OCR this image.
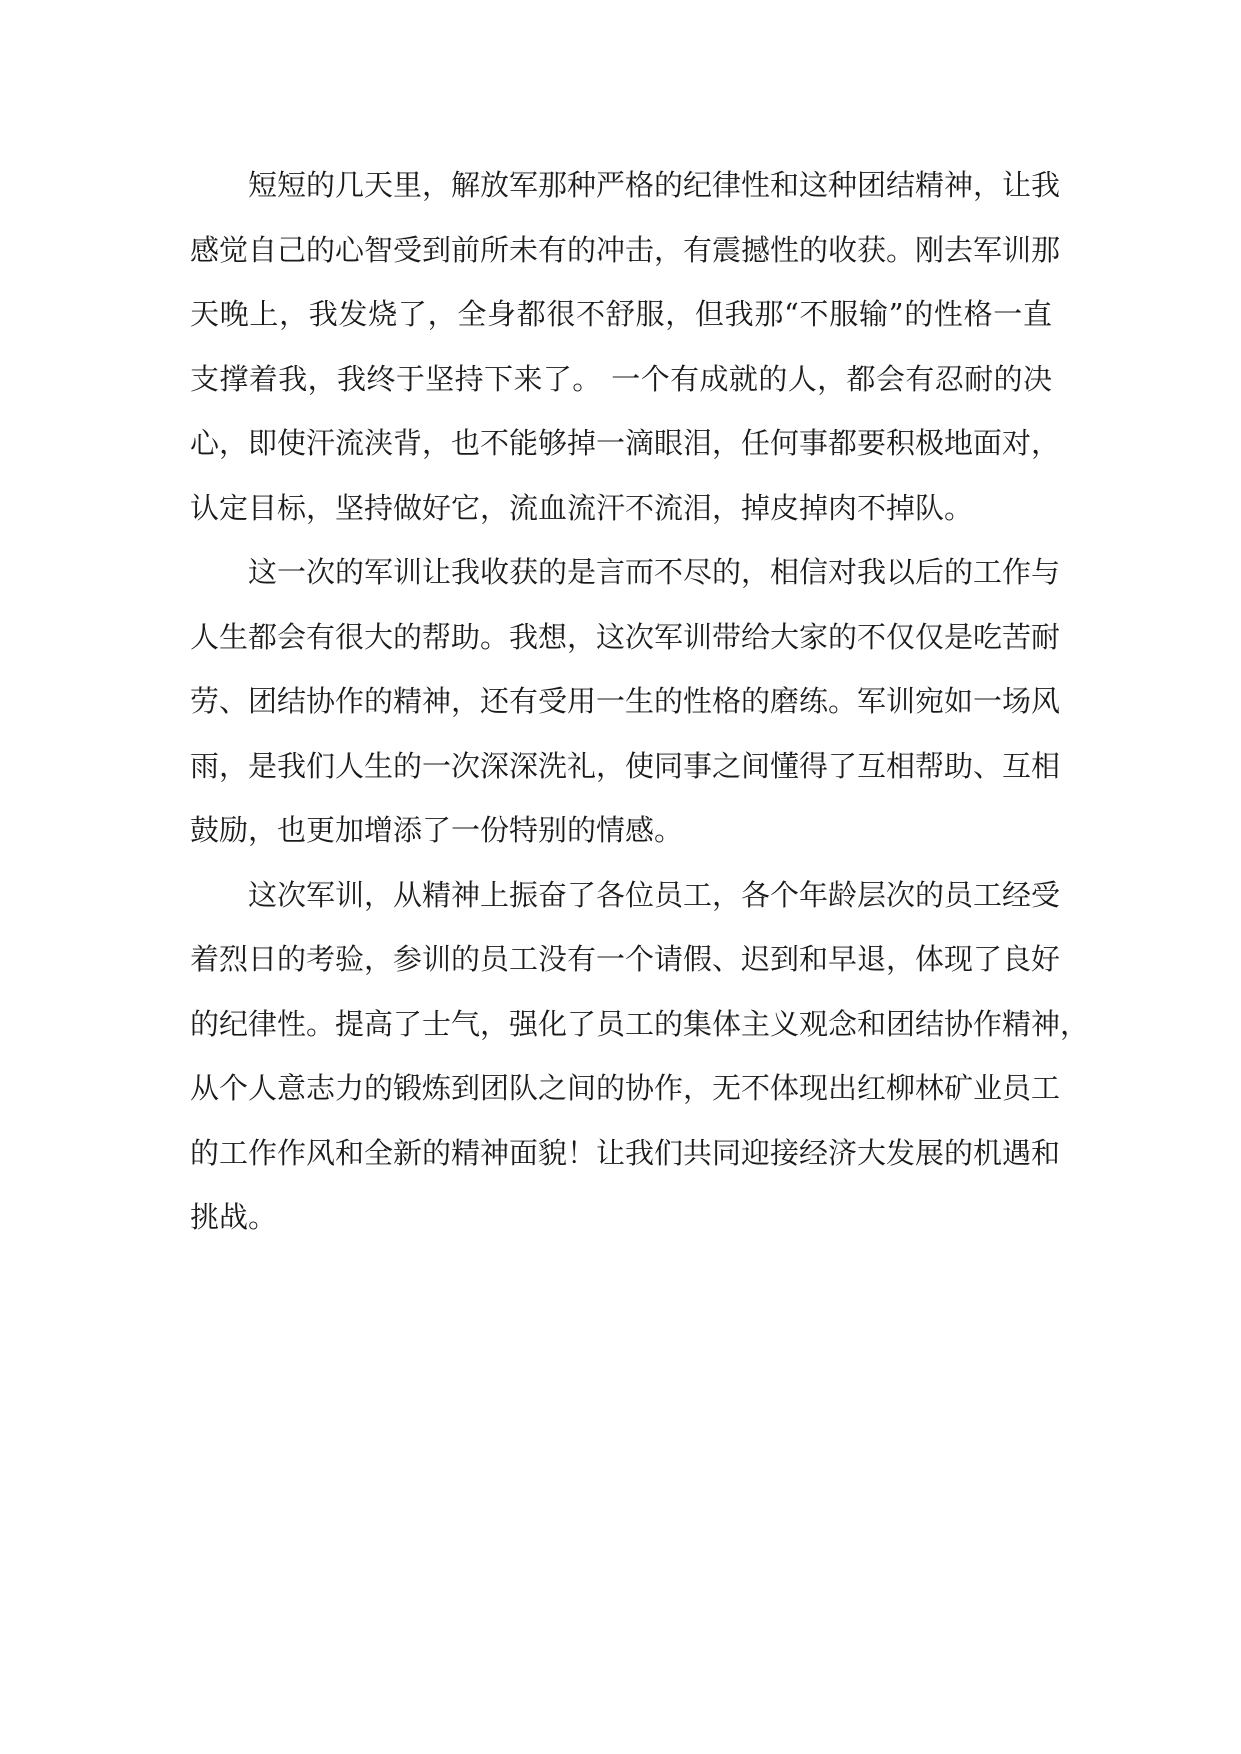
短短的几天里，解放军那种严格的纪律性和这种团结精神，让我
感觉自己的心智受到前所未有的冲击，有震撼性的收获。刚去军训那
天晚上，我发烧了，全身都很不舒服，但我那“不服输”的性格一直
支撑着我，我终于坚持下来了。 一个有成就的人，都会有忍耐的决
心，即使汗流浃背，也不能够掉一滴眼泪，任何事都要积极地面对，
认定目标，坚持做好它，流血流汗不流泪，掉皮掉肉不掉队。
这一次的军训让我收获的是言而不尽的，相信对我以后的工作与
人生都会有很大的帮助。我想，这次军训带给大家的不仅仅是吃苦耐
劳、团结协作的精神，还有受用一生的性格的磨练。军训宛如一场风
雨，是我们人生的一次深深洗礼，使同事之间懂得了互相帮助、互相
鼓励，也更加增添了一份特别的情感。
这次军训，从精神上振奋了各位员工，各个年龄层次的员工经受
着烈日的考验，参训的员工没有一个请假、迟到和早退，体现了良好
的纪律性。提高了士气，强化了员工的集体主义观念和团结协作精神，
从个人意志力的锻炼到团队之间的协作，无不体现出红柳林矿业员工
的工作作风和全新的精神面貌！让我们共同迎接经济大发展的机遇和
挑战。
